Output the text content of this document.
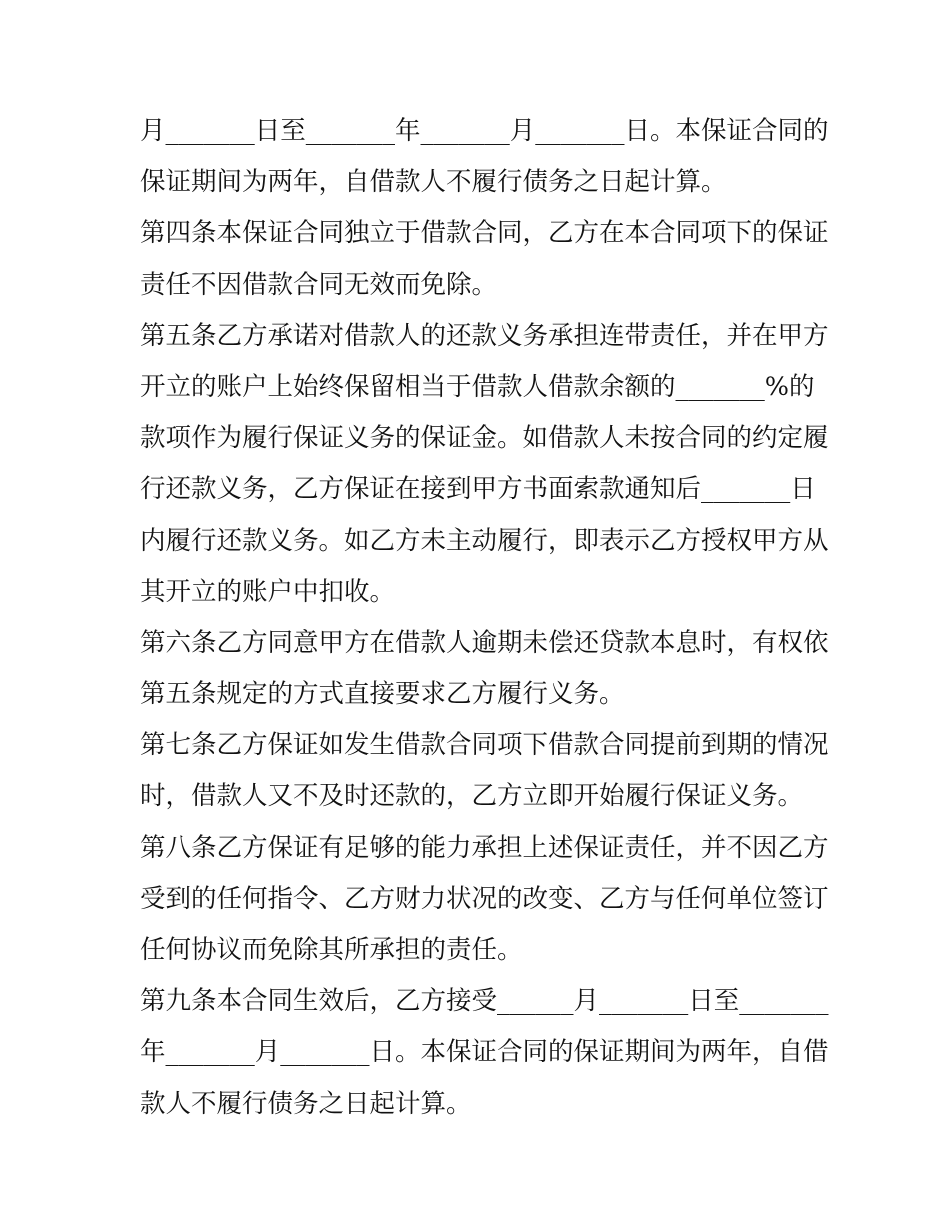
月_______日至_______年_______月_______日。本保证合同的
保证期间为两年，自借款人不履行债务之日起计算。
第四条本保证合同独立于借款合同，乙方在本合同项下的保证
责任不因借款合同无效而免除。
第五条乙方承诺对借款人的还款义务承担连带责任，并在甲方
开立的账户上始终保留相当于借款人借款余额的_______%的
款项作为履行保证义务的保证金。如借款人未按合同的约定履
行还款义务，乙方保证在接到甲方书面索款通知后_______日
内履行还款义务。如乙方未主动履行，即表示乙方授权甲方从
其开立的账户中扣收。
第六条乙方同意甲方在借款人逾期未偿还贷款本息时，有权依
第五条规定的方式直接要求乙方履行义务。
第七条乙方保证如发生借款合同项下借款合同提前到期的情况
时，借款人又不及时还款的，乙方立即开始履行保证义务。
第八条乙方保证有足够的能力承担上述保证责任，并不因乙方
受到的任何指令、乙方财力状况的改变、乙方与任何单位签订
任何协议而免除其所承担的责任。
第九条本合同生效后，乙方接受______月_______日至_______
年_______月_______日。本保证合同的保证期间为两年，自借
款人不履行债务之日起计算。
